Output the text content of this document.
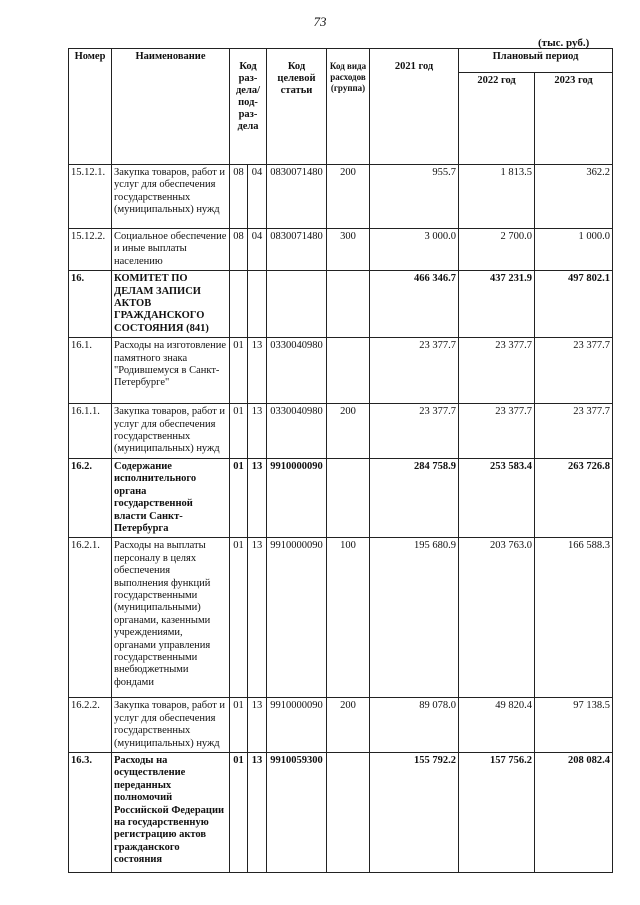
73
(тыс. руб.)
Номер	Наименование	Код раз-дела/ под-раз-дела		Код целевой статьи	Код вида расходов (группа)	2021 год	Плановый период	
							2022 год	2023 год
15.12.1.	Закупка товаров, работ и услуг для обеспечения государственных (муниципальных) нужд	08	04	0830071480	200	955.7	1 813.5	362.2
15.12.2.	Социальное обеспечение и иные выплаты населению	08	04	0830071480	300	3 000.0	2 700.0	1 000.0
16.	КОМИТЕТ ПО ДЕЛАМ ЗАПИСИ АКТОВ ГРАЖДАНСКОГО СОСТОЯНИЯ (841)					466 346.7	437 231.9	497 802.1
16.1.	Расходы на изготовление памятного знака "Родившемуся в Санкт-Петербурге"	01	13	0330040980		23 377.7	23 377.7	23 377.7
16.1.1.	Закупка товаров, работ и услуг для обеспечения государственных (муниципальных) нужд	01	13	0330040980	200	23 377.7	23 377.7	23 377.7
16.2.	Содержание исполнительного органа государственной власти Санкт-Петербурга	01	13	9910000090		284 758.9	253 583.4	263 726.8
16.2.1.	Расходы на выплаты персоналу в целях обеспечения выполнения функций государственными (муниципальными) органами, казенными учреждениями, органами управления государственными внебюджетными фондами	01	13	9910000090	100	195 680.9	203 763.0	166 588.3
16.2.2.	Закупка товаров, работ и услуг для обеспечения государственных (муниципальных) нужд	01	13	9910000090	200	89 078.0	49 820.4	97 138.5
16.3.	Расходы на осуществление переданных полномочий Российской Федерации на государственную регистрацию актов гражданского состояния	01	13	9910059300		155 792.2	157 756.2	208 082.4
